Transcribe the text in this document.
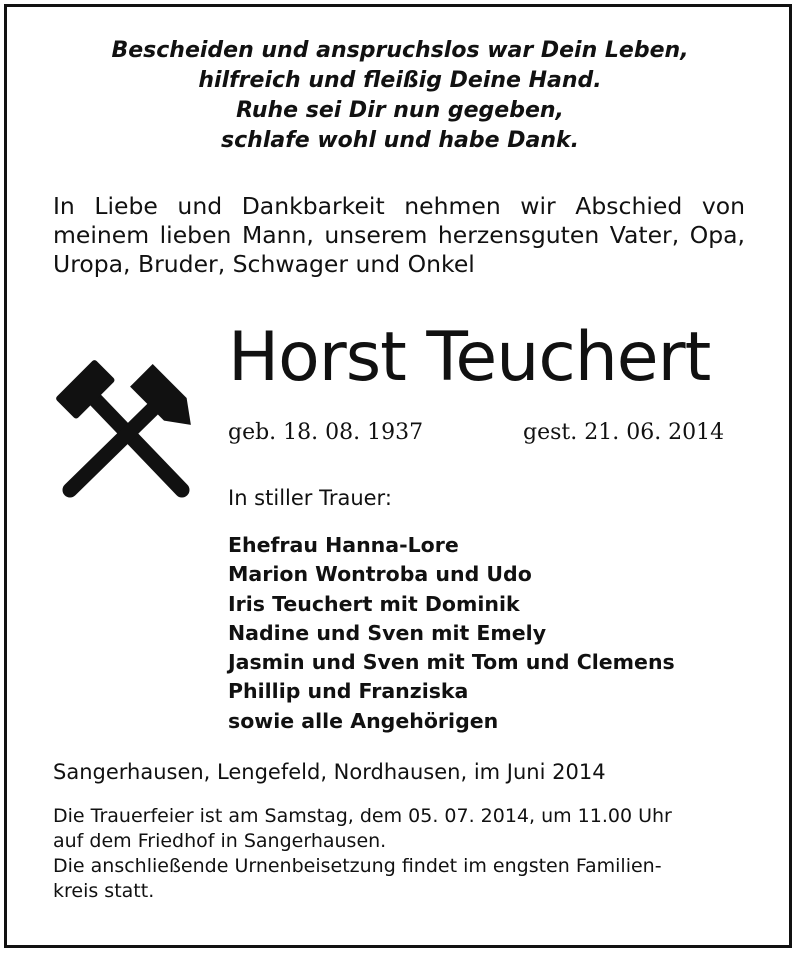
Bescheiden und anspruchslos war Dein Leben,
hilfreich und fleißig Deine Hand.
Ruhe sei Dir nun gegeben,
schlafe wohl und habe Dank.
In Liebe und Dankbarkeit nehmen wir Abschied von
meinem lieben Mann, unserem herzensguten Vater, Opa,
Uropa, Bruder, Schwager und Onkel
Horst Teuchert
geb. 18. 08. 1937	gest. 21. 06. 2014
In stiller Trauer:
Ehefrau Hanna-Lore
Marion Wontroba und Udo
Iris Teuchert mit Dominik
Nadine und Sven mit Emely
Jasmin und Sven mit Tom und Clemens
Phillip und Franziska
sowie alle Angehörigen
Sangerhausen, Lengefeld, Nordhausen, im Juni 2014
Die Trauerfeier ist am Samstag, dem 05. 07. 2014, um 11.00 Uhr
auf dem Friedhof in Sangerhausen.
Die anschließende Urnenbeisetzung findet im engsten Familien-
kreis statt.
